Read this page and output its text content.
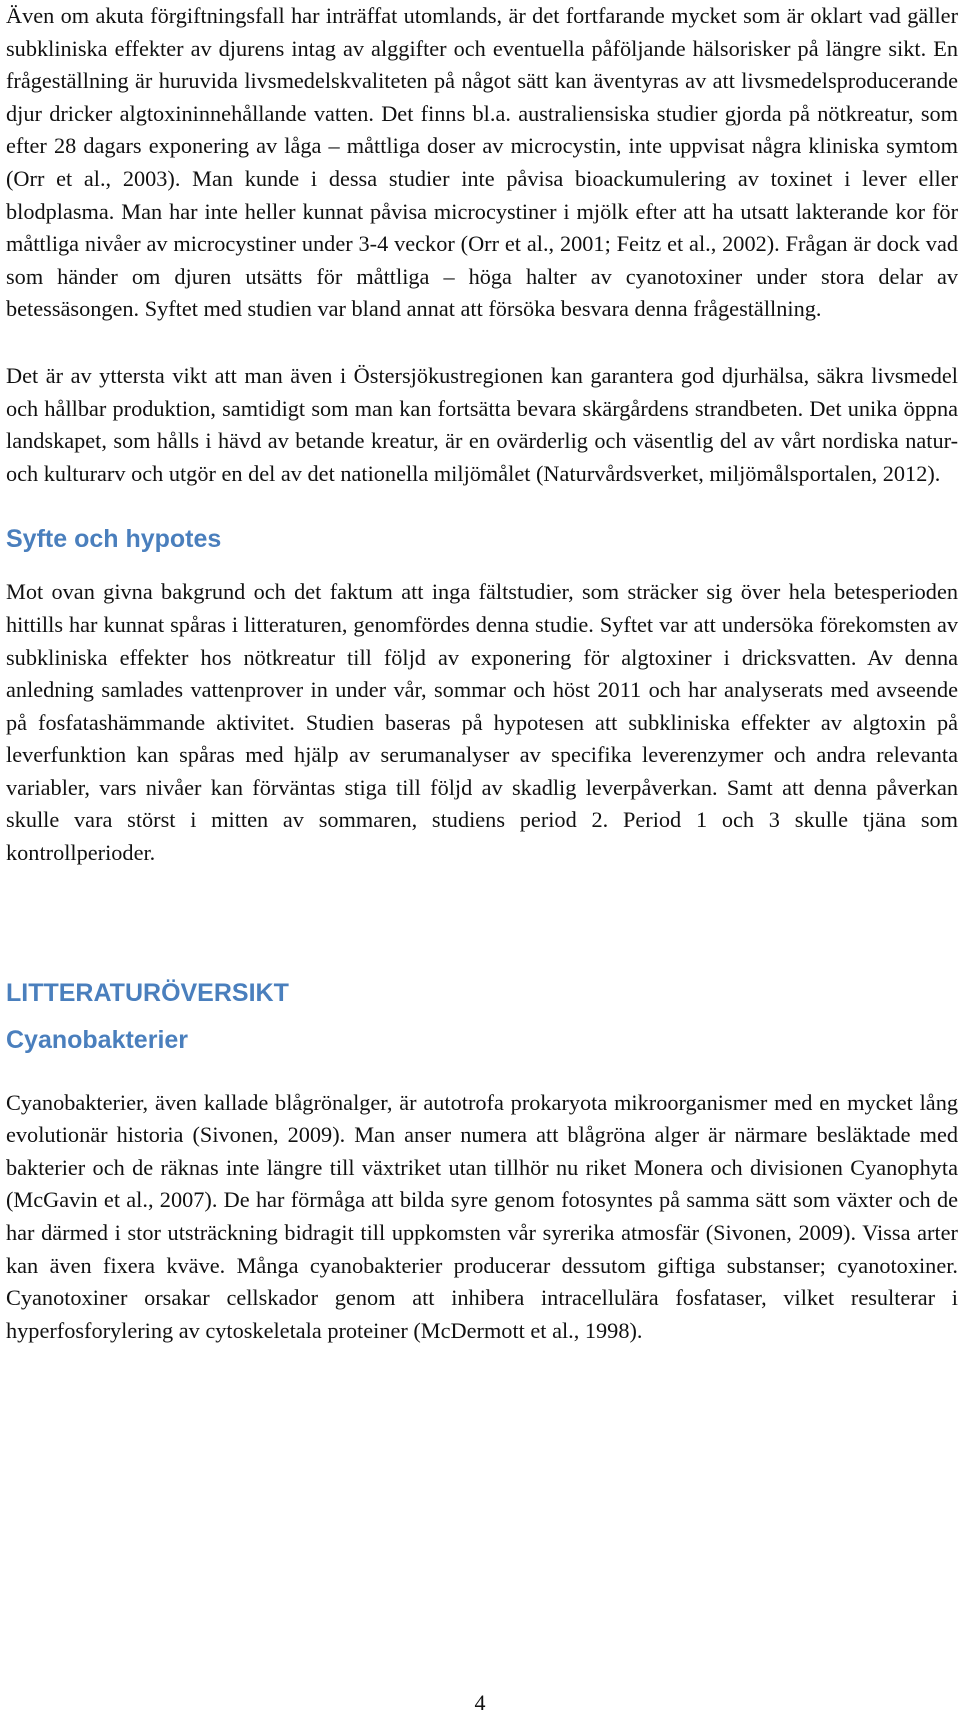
Även om akuta förgiftningsfall har inträffat utomlands, är det fortfarande mycket som är oklart vad gäller subkliniska effekter av djurens intag av alggifter och eventuella påföljande hälsorisker på längre sikt. En frågeställning är huruvida livsmedelskvaliteten på något sätt kan äventyras av att livsmedelsproducerande djur dricker algtoxininnehållande vatten. Det finns bl.a. australiensiska studier gjorda på nötkreatur, som efter 28 dagars exponering av låga – måttliga doser av microcystin, inte uppvisat några kliniska symtom (Orr et al., 2003). Man kunde i dessa studier inte påvisa bioackumulering av toxinet i lever eller blodplasma. Man har inte heller kunnat påvisa microcystiner i mjölk efter att ha utsatt lakterande kor för måttliga nivåer av microcystiner under 3-4 veckor (Orr et al., 2001; Feitz et al., 2002). Frågan är dock vad som händer om djuren utsätts för måttliga – höga halter av cyanotoxiner under stora delar av betessäsongen. Syftet med studien var bland annat att försöka besvara denna frågeställning.

Det är av yttersta vikt att man även i Östersjökustregionen kan garantera god djurhälsa, säkra livsmedel och hållbar produktion, samtidigt som man kan fortsätta bevara skärgårdens strandbeten. Det unika öppna landskapet, som hålls i hävd av betande kreatur, är en ovärderlig och väsentlig del av vårt nordiska natur- och kulturarv och utgör en del av det nationella miljömålet (Naturvårdsverket, miljömålsportalen, 2012).

Syfte och hypotes

Mot ovan givna bakgrund och det faktum att inga fältstudier, som sträcker sig över hela betesperioden hittills har kunnat spåras i litteraturen, genomfördes denna studie. Syftet var att undersöka förekomsten av subkliniska effekter hos nötkreatur till följd av exponering för algtoxiner i dricksvatten. Av denna anledning samlades vattenprover in under vår, sommar och höst 2011 och har analyserats med avseende på fosfatashämmande aktivitet. Studien baseras på hypotesen att subkliniska effekter av algtoxin på leverfunktion kan spåras med hjälp av serumanalyser av specifika leverenzymer och andra relevanta variabler, vars nivåer kan förväntas stiga till följd av skadlig leverpåverkan. Samt att denna påverkan skulle vara störst i mitten av sommaren, studiens period 2. Period 1 och 3 skulle tjäna som kontrollperioder.

LITTERATURÖVERSIKT
Cyanobakterier

Cyanobakterier, även kallade blågrönalger, är autotrofa prokaryota mikroorganismer med en mycket lång evolutionär historia (Sivonen, 2009). Man anser numera att blågröna alger är närmare besläktade med bakterier och de räknas inte längre till växtriket utan tillhör nu riket Monera och divisionen Cyanophyta (McGavin et al., 2007). De har förmåga att bilda syre genom fotosyntes på samma sätt som växter och de har därmed i stor utsträckning bidragit till uppkomsten vår syrerika atmosfär (Sivonen, 2009). Vissa arter kan även fixera kväve. Många cyanobakterier producerar dessutom giftiga substanser; cyanotoxiner. Cyanotoxiner orsakar cellskador genom att inhibera intracellulära fosfataser, vilket resulterar i hyperfosforylering av cytoskeletala proteiner (McDermott et al., 1998).

4
